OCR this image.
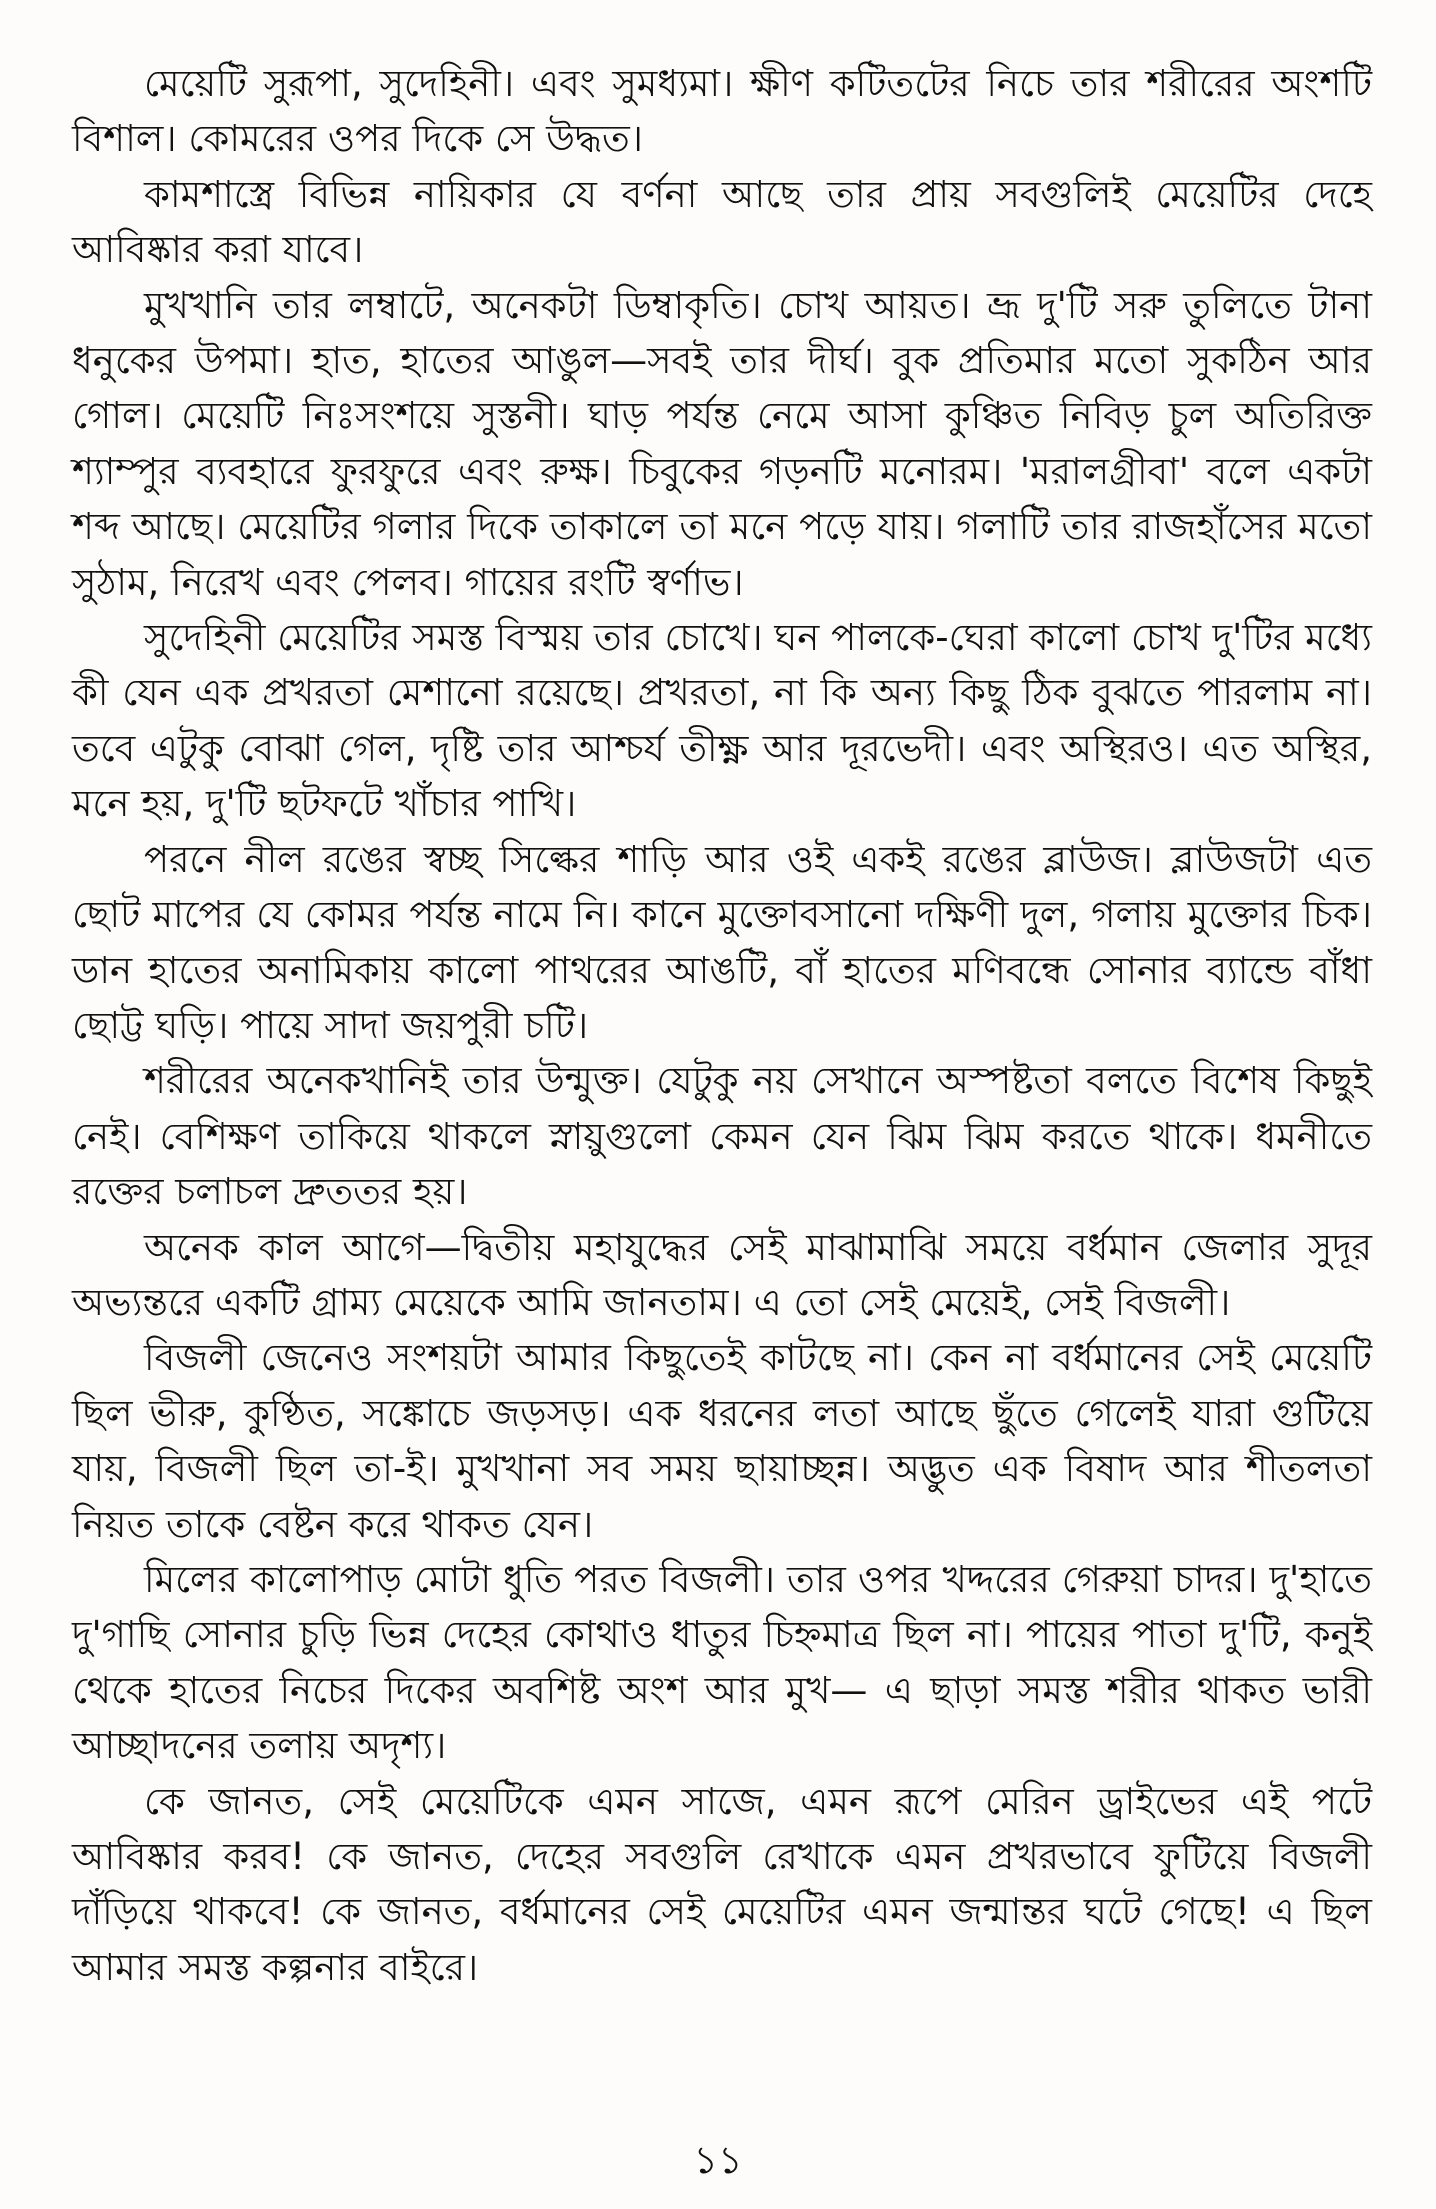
মেয়েটি সুরূপা, সুদেহিনী। এবং সুমধ্যমা। ক্ষীণ কটিতটের নিচে তার শরীরের অংশটি বিশাল। কোমরের ওপর দিকে সে উদ্ধত।

কামশাস্ত্রে বিভিন্ন নায়িকার যে বর্ণনা আছে তার প্রায় সবগুলিই মেয়েটির দেহে আবিষ্কার করা যাবে।

মুখখানি তার লম্বাটে, অনেকটা ডিম্বাকৃতি। চোখ আয়ত। ভ্রূ দু'টি সরু তুলিতে টানা ধনুকের উপমা। হাত, হাতের আঙুল—সবই তার দীর্ঘ। বুক প্রতিমার মতো সুকঠিন আর গোল। মেয়েটি নিঃসংশয়ে সুস্তনী। ঘাড় পর্যন্ত নেমে আসা কুঞ্চিত নিবিড় চুল অতিরিক্ত শ্যাম্পুর ব্যবহারে ফুরফুরে এবং রুক্ষ। চিবুকের গড়নটি মনোরম। 'মরালগ্রীবা' বলে একটা শব্দ আছে। মেয়েটির গলার দিকে তাকালে তা মনে পড়ে যায়। গলাটি তার রাজহাঁসের মতো সুঠাম, নিরেখ এবং পেলব। গায়ের রংটি স্বর্ণাভ।

সুদেহিনী মেয়েটির সমস্ত বিস্ময় তার চোখে। ঘন পালকে-ঘেরা কালো চোখ দু'টির মধ্যে কী যেন এক প্রখরতা মেশানো রয়েছে। প্রখরতা, না কি অন্য কিছু ঠিক বুঝতে পারলাম না। তবে এটুকু বোঝা গেল, দৃষ্টি তার আশ্চর্য তীক্ষ্ণ আর দূরভেদী। এবং অস্থিরও। এত অস্থির, মনে হয়, দু'টি ছটফটে খাঁচার পাখি।

পরনে নীল রঙের স্বচ্ছ সিল্কের শাড়ি আর ওই একই রঙের ব্লাউজ। ব্লাউজটা এত ছোট মাপের যে কোমর পর্যন্ত নামে নি। কানে মুক্তোবসানো দক্ষিণী দুল, গলায় মুক্তোর চিক। ডান হাতের অনামিকায় কালো পাথরের আঙটি, বাঁ হাতের মণিবন্ধে সোনার ব্যান্ডে বাঁধা ছোট্ট ঘড়ি। পায়ে সাদা জয়পুরী চটি।

শরীরের অনেকখানিই তার উন্মুক্ত। যেটুকু নয় সেখানে অস্পষ্টতা বলতে বিশেষ কিছুই নেই। বেশিক্ষণ তাকিয়ে থাকলে স্নায়ুগুলো কেমন যেন ঝিম ঝিম করতে থাকে। ধমনীতে রক্তের চলাচল দ্রুততর হয়।

অনেক কাল আগে—দ্বিতীয় মহাযুদ্ধের সেই মাঝামাঝি সময়ে বর্ধমান জেলার সুদূর অভ্যন্তরে একটি গ্রাম্য মেয়েকে আমি জানতাম। এ তো সেই মেয়েই, সেই বিজলী।

বিজলী জেনেও সংশয়টা আমার কিছুতেই কাটছে না। কেন না বর্ধমানের সেই মেয়েটি ছিল ভীরু, কুণ্ঠিত, সঙ্কোচে জড়সড়। এক ধরনের লতা আছে ছুঁতে গেলেই যারা গুটিয়ে যায়, বিজলী ছিল তা-ই। মুখখানা সব সময় ছায়াচ্ছন্ন। অদ্ভুত এক বিষাদ আর শীতলতা নিয়ত তাকে বেষ্টন করে থাকত যেন।

মিলের কালোপাড় মোটা ধুতি পরত বিজলী। তার ওপর খদ্দরের গেরুয়া চাদর। দু'হাতে দু'গাছি সোনার চুড়ি ভিন্ন দেহের কোথাও ধাতুর চিহ্নমাত্র ছিল না। পায়ের পাতা দু'টি, কনুই থেকে হাতের নিচের দিকের অবশিষ্ট অংশ আর মুখ— এ ছাড়া সমস্ত শরীর থাকত ভারী আচ্ছাদনের তলায় অদৃশ্য।

কে জানত, সেই মেয়েটিকে এমন সাজে, এমন রূপে মেরিন ড্রাইভের এই পটে আবিষ্কার করব! কে জানত, দেহের সবগুলি রেখাকে এমন প্রখরভাবে ফুটিয়ে বিজলী দাঁড়িয়ে থাকবে! কে জানত, বর্ধমানের সেই মেয়েটির এমন জন্মান্তর ঘটে গেছে! এ ছিল আমার সমস্ত কল্পনার বাইরে।

১১
